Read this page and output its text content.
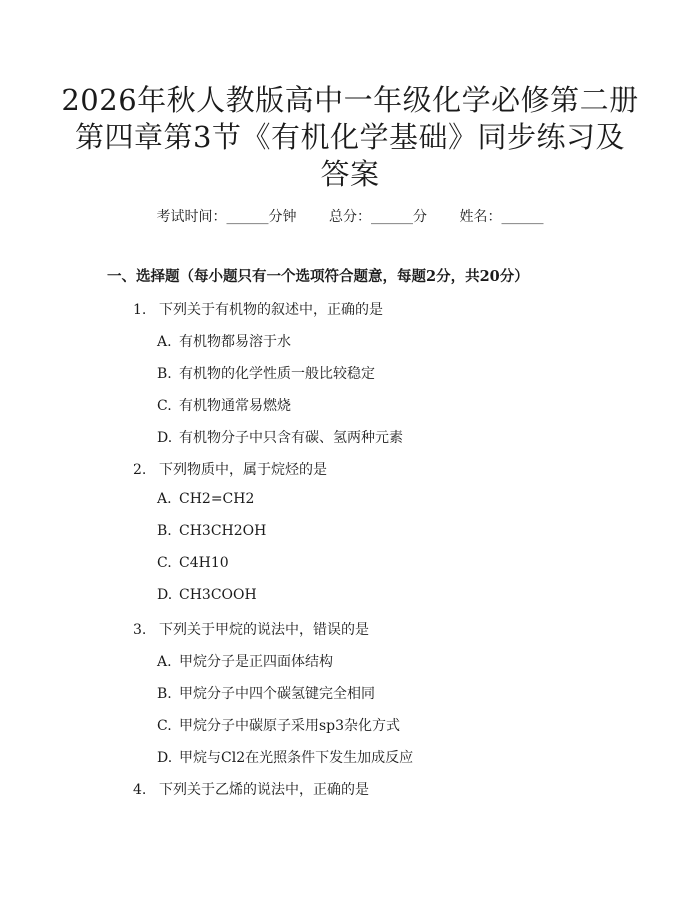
2026年秋人教版高中一年级化学必修第二册
第四章第3节《有机化学基础》同步练习及
答案
考试时间：______分钟 总分：______分 姓名：______
一、选择题（每小题只有一个选项符合题意，每题2分，共20分）
1. 下列关于有机物的叙述中，正确的是
A. 有机物都易溶于水
B. 有机物的化学性质一般比较稳定
C. 有机物通常易燃烧
D. 有机物分子中只含有碳、氢两种元素
2. 下列物质中，属于烷烃的是
A. CH2=CH2
B. CH3CH2OH
C. C4H10
D. CH3COOH
3. 下列关于甲烷的说法中，错误的是
A. 甲烷分子是正四面体结构
B. 甲烷分子中四个碳氢键完全相同
C. 甲烷分子中碳原子采用sp3杂化方式
D. 甲烷与Cl2在光照条件下发生加成反应
4. 下列关于乙烯的说法中，正确的是
